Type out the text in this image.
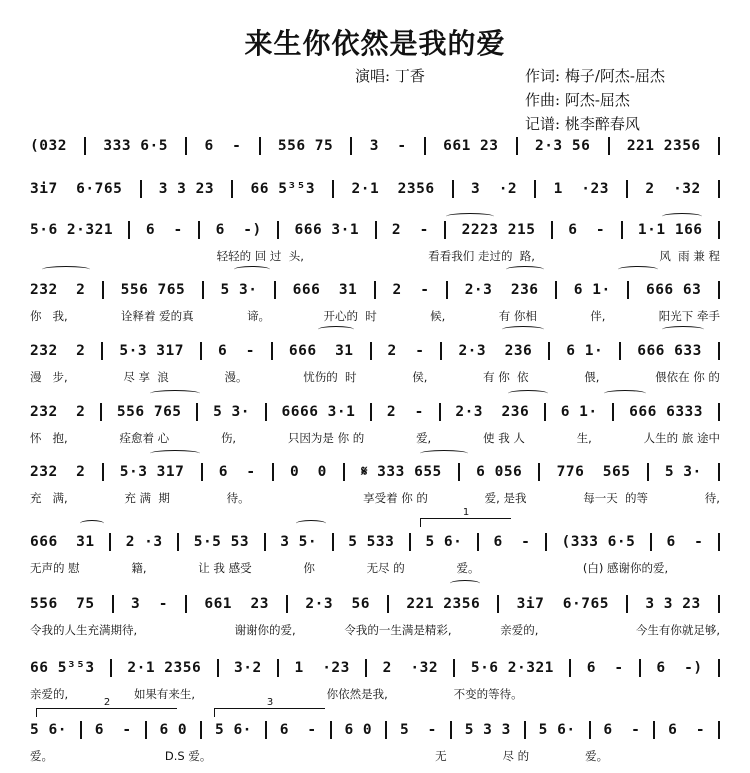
来生你依然是我的爱
演唱: 丁香	作词: 梅子/阿杰-屈杰
作曲: 阿杰-屈杰
记谱: 桃李醉春风
(032	333 6·5	6  -	556 75	3  -	661 23	2·3 56	221 2356
3i7  6·765	3 3 23	66 5³⁵3	2·1  2356	3  ·2	1  ·23	2  ·32
5·6 2·321 6  - 6  -) 666 3·1 2  - 2223 215 6  - 1·1 166
轻轻的 回 过  头,	看看我们 走过的  路,	风  雨 兼 程
232  2 556 765 5 3· 666  31 2  - 2·3  236 6 1· 666 63
你   我,	诠释着 爱的真	谛。	开心的  时	候,	有 你相	伴,	阳光下 牵手
232  2 5·3 317 6  - 666  31 2  - 2·3  236 6 1· 666 633
漫   步,	尽 享  浪	漫。	忧伤的  时	侯,	有 你  依	偎,	偎依在 你 的
232  2 556 765 5 3· 6666 3·1 2  - 2·3  236 6 1· 666 6333
怀   抱,	痊愈着 心	伤,	只因为是 你 的	爱,	使 我 人	生,	人生的 旅 途中
232  2 5·3 317 6  - 0  0 𝄋 333 655 6 056 776  565 5 3·
充   满,	充 满  期	待。	享受着 你 的	爱, 是我	每一天  的等	待,
666  31 2 ·3 5·5 53 3 5· 5 533 5 6· 6  - (333 6·5 6  -
无声的 慰	籍,	让 我 感受	你	无尽 的	爱。	(白) 感谢你的爱,
556  75	3  -	661  23	2·3  56	221 2356	3i7  6·765	3 3 23
令我的人生充满期待,	谢谢你的爱,	令我的一生满是精彩,	亲爱的,	今生有你就足够,
66 5³⁵3 2·1 2356 3·2 1  ·23 2  ·32 5·6 2·321 6  - 6  -)
亲爱的,	如果有来生,	你依然是我,	不变的等待。
5 6· 6  - 6 0 5 6· 6  - 6 0 5  - 5 3 3 5 6· 6  - 6  -
爱。	D.S 爱。	无	尽 的	爱。
1
2	3
